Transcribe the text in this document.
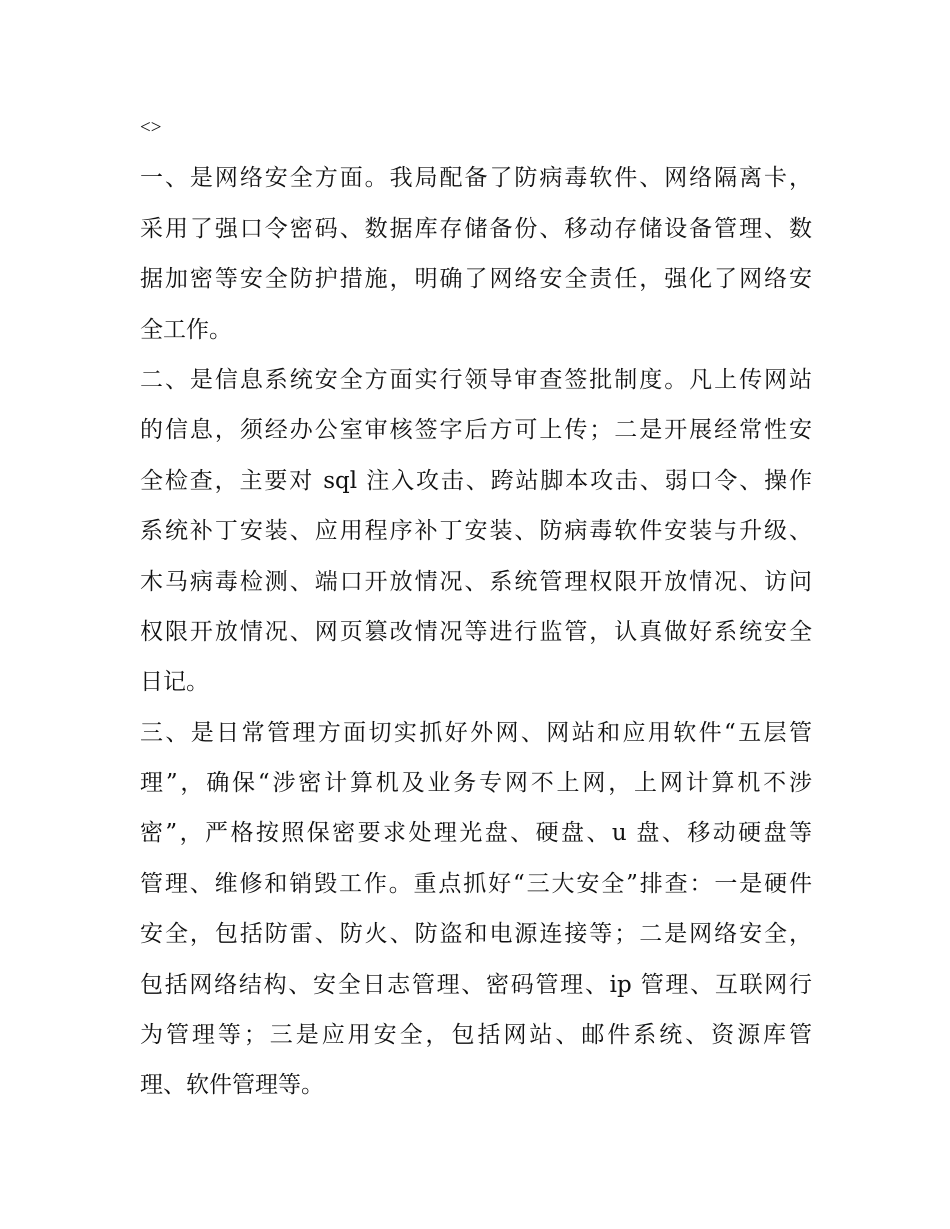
<>
一、是网络安全方面。我局配备了防病毒软件、网络隔离卡，
采用了强口令密码、数据库存储备份、移动存储设备管理、数
据加密等安全防护措施，明确了网络安全责任，强化了网络安
全工作。
二、是信息系统安全方面实行领导审查签批制度。凡上传网站
的信息，须经办公室审核签字后方可上传；二是开展经常性安
全检查，主要对 sql 注入攻击、跨站脚本攻击、弱口令、操作
系统补丁安装、应用程序补丁安装、防病毒软件安装与升级、
木马病毒检测、端口开放情况、系统管理权限开放情况、访问
权限开放情况、网页篡改情况等进行监管，认真做好系统安全
日记。
三、是日常管理方面切实抓好外网、网站和应用软件“五层管
理”，确保“涉密计算机及业务专网不上网，上网计算机不涉
密”，严格按照保密要求处理光盘、硬盘、u 盘、移动硬盘等
管理、维修和销毁工作。重点抓好“三大安全”排查：一是硬件
安全，包括防雷、防火、防盗和电源连接等；二是网络安全，
包括网络结构、安全日志管理、密码管理、ip 管理、互联网行
为管理等；三是应用安全，包括网站、邮件系统、资源库管
理、软件管理等。
